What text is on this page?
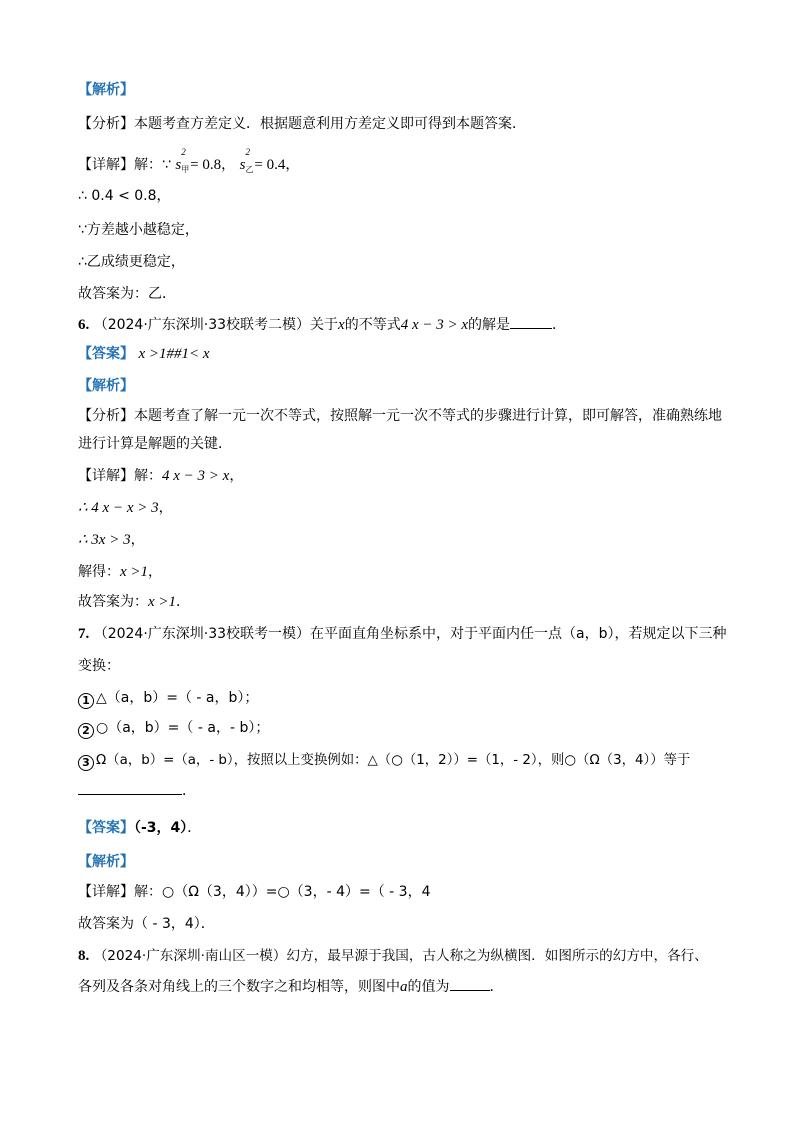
【解析】
【分析】本题考查方差定义．根据题意利用方差定义即可得到本题答案．
【详解】解：∵ $s^2$
甲 = 0.8， $s^2$
乙 = 0.4，
∴ 0.4 < 0.8，
∵方差越小越稳定，
∴乙成绩更稳定，
故答案为：乙．
6. （2024·广东深圳·33校联考二模）关于x的不等式4 x − 3 > x的解是	．
【答案】 x >1##1< x
【解析】
【分析】本题考查了解一元一次不等式，按照解一元一次不等式的步骤进行计算，即可解答，准确熟练地
进行计算是解题的关键．
【详解】解：4 x − 3 > x，
∴ 4 x − x > 3，
∴ 3x > 3，
解得：x >1，
故答案为：x >1．
7. （2024·广东深圳·33校联考一模）在平面直角坐标系中，对于平面内任一点（a，b），若规定以下三种
变换：
1 △（a，b）=（ - a，b）；
2 ○（a，b）=（ - a，- b）；
3 Ω（a，b）=（a，- b），按照以上变换例如：△（○（1，2））=（1，- 2），则○（Ω（3，4））等于
．
【答案】（-3，4）．
【解析】
【详解】解：○（Ω（3，4））=○（3，- 4）=（ - 3，4
故答案为（ - 3，4）．
8. （2024·广东深圳·南山区一模）幻方，最早源于我国，古人称之为纵横图．如图所示的幻方中，各行、
各列及各条对角线上的三个数字之和均相等，则图中a的值为	．
